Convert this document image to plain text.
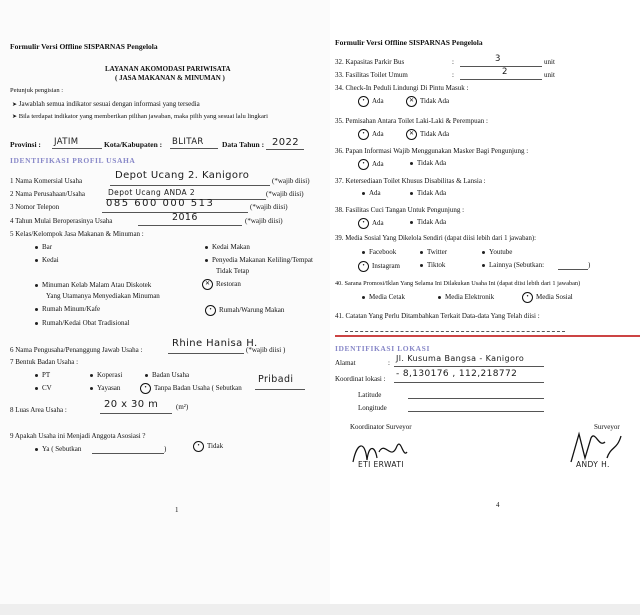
Formulir Versi Offline SISPARNAS Pengelola
LAYANAN AKOMODASI PARIWISATA
( JASA MAKANAN & MINUMAN )
Petunjuk pengisian :
➤ Jawablah semua indikator sesuai dengan informasi yang tersedia
➤ Bila terdapat indikator yang memberikan pilihan jawaban, maka pilih yang sesuai lalu lingkari
Provinsi : JATIM	Kota/Kabupaten : BLITAR Data Tahun : 2022
IDENTIFIKASI PROFIL USAHA
1 Nama Komersial Usaha	Depot Ucang 2. Kanigoro	(*wajib diisi)
2 Nama Perusahaan/Usaha	Depot Ucang ANDA 2	(*wajib diisi)
3 Nomor Telepon	085 600 000 513	(*wajib diisi)
4 Tahun Mulai Beroperasinya Usaha	2016	(*wajib diisi)
5 Kelas/Kelompok Jasa Makanan & Minuman :
Bar
Kedai
Kedai Makan
Penyedia Makanan Keliling/Tempat
Tidak Tetap
Minuman Kelab Malam Atau Diskotek
Yang Utamanya Menyediakan Minuman
✕ Restoran
Rumah Minum/Kafe	• Rumah/Warung Makan
Rumah/Kedai Obat Tradisional
6 Nama Pengusaha/Penanggung Jawab Usaha :
Rhine Hanisa H.
(*wajib diisi )
7 Bentuk Badan Usaha :
PT	Koperasi	Badan Usaha
CV	Yayasan	• Tanpa Badan Usaha ( Sebutkan
Pribadi
8 Luas Area Usaha :	20 x 30 m	(m²)
9 Apakah Usaha ini Menjadi Anggota Asosiasi ?
Ya ( Sebutkan	)	• Tidak
1
Formulir Versi Offline SISPARNAS Pengelola
32. Kapasitas Parkir Bus	:	3	unit
33. Fasilitas Toilet Umum	:	2	unit
34. Check-In Peduli Lindungi Di Pintu Masuk :
• Ada	✕ Tidak Ada
35. Pemisahan Antara Toilet Laki-Laki & Perempuan :
• Ada	✕ Tidak Ada
36. Papan Informasi Wajib Menggunakan Masker Bagi Pengunjung :
• Ada	Tidak Ada
37. Ketersediaan Toilet Khusus Disabilitas & Lansia :
Ada	Tidak Ada
38. Fasilitas Cuci Tangan Untuk Pengunjung :
• Ada	Tidak Ada
39. Media Sosial Yang Dikelola Sendiri (dapat diisi lebih dari 1 jawaban):
Facebook	Twitter	Youtube
• Instagram	Tiktok	Lainnya (Sebutkan:	)
40. Sarana Promosi/Iklan Yang Selama Ini Dilakukan Usaha Ini (dapat diisi lebih dari 1 jawaban)
Media Cetak	Media Elektronik	• Media Sosial
41. Catatan Yang Perlu Ditambahkan Terkait Data-data Yang Telah diisi :
IDENTIFIKASI LOKASI
Alamat	: Jl. Kusuma Bangsa - Kanigoro
Koordinat lokasi : - 8,130176 , 112,218772
Latitude
Longitude
Koordinator Surveyor
ETI ERWATI
Surveyor
ANDY H.
4
